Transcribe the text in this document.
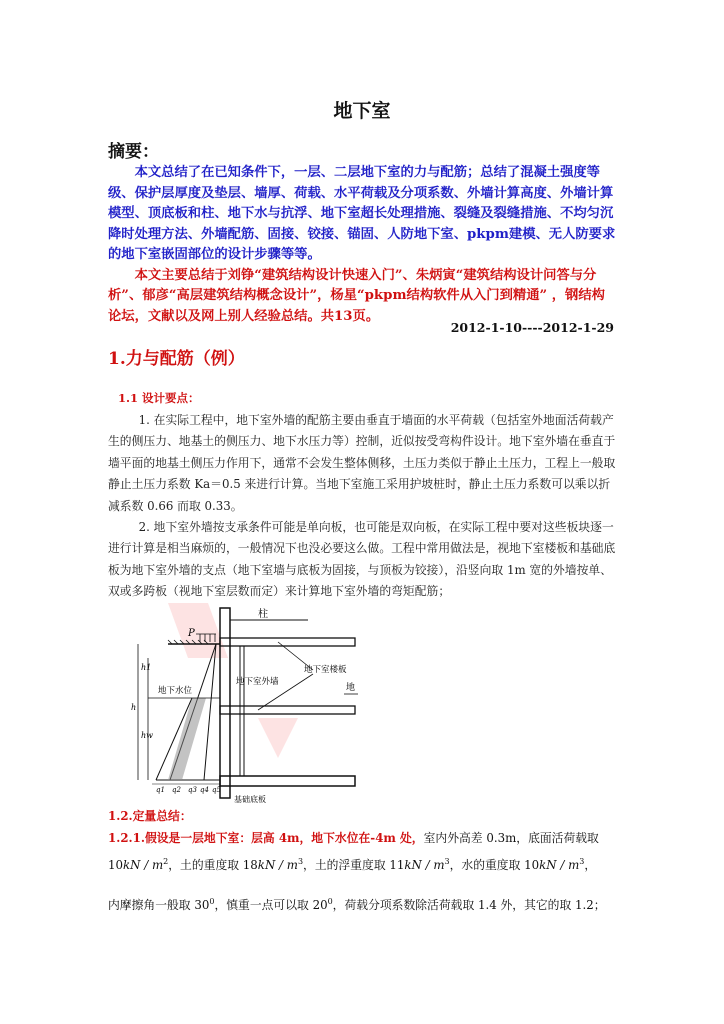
地下室
摘要：

本文总结了在已知条件下，一层、二层地下室的力与配筋；总结了混凝土强度等级、保护层厚度及垫层、墙厚、荷载、水平荷载及分项系数、外墙计算高度、外墙计算模型、顶底板和柱、地下水与抗浮、地下室超长处理措施、裂缝及裂缝措施、不均匀沉降时处理方法、外墙配筋、固接、铰接、锚固、人防地下室、pkpm建模、无人防要求的地下室嵌固部位的设计步骤等等。

本文主要总结于刘铮“建筑结构设计快速入门”、朱炳寅“建筑结构设计问答与分析”、郁彦“高层建筑结构概念设计”，杨星“pkpm结构软件从入门到精通” ，钢结构论坛，文献以及网上别人经验总结。共13页。

2012-1-10----2012-1-29
1.力与配筋（例）
1.1 设计要点：

1. 在实际工程中，地下室外墙的配筋主要由垂直于墙面的水平荷载（包括室外地面活荷载产生的侧压力、地基土的侧压力、地下水压力等）控制，近似按受弯构件设计。地下室外墙在垂直于墙平面的地基土侧压力作用下，通常不会发生整体侧移，土压力类似于静止土压力，工程上一般取静止土压力系数 Ka＝0.5 来进行计算。当地下室施工采用护坡桩时，静止土压力系数可以乘以折减系数 0.66 而取 0.33。

2. 地下室外墙按支承条件可能是单向板，也可能是双向板，在实际工程中要对这些板块逐一进行计算是相当麻烦的，一般情况下也没必要这么做。工程中常用做法是，视地下室楼板和基础底板为地下室外墙的支点（地下室墙与底板为固接，与顶板为铰接），沿竖向取 1m 宽的外墙按单、双或多跨板（视地下室层数而定）来计算地下室外墙的弯矩配筋；

P
柱
地下室楼板
地
地下室外墙
地下水位
h1
h
hw
q1 q2 q3 q4 q5
基础底板
1.2.定量总结：
1.2.1.假设是一层地下室：层高 4m，地下水位在-4m 处，室内外高差 0.3m，底面活荷载取
$10kN / m^2$，土的重度取 $18kN / m^3$，土的浮重度取 $11kN / m^3$，水的重度取 $10kN / m^3$，
内摩擦角一般取 $30^0$，慎重一点可以取 $20^0$，荷载分项系数除活荷载取 1.4 外，其它的取 1.2；
